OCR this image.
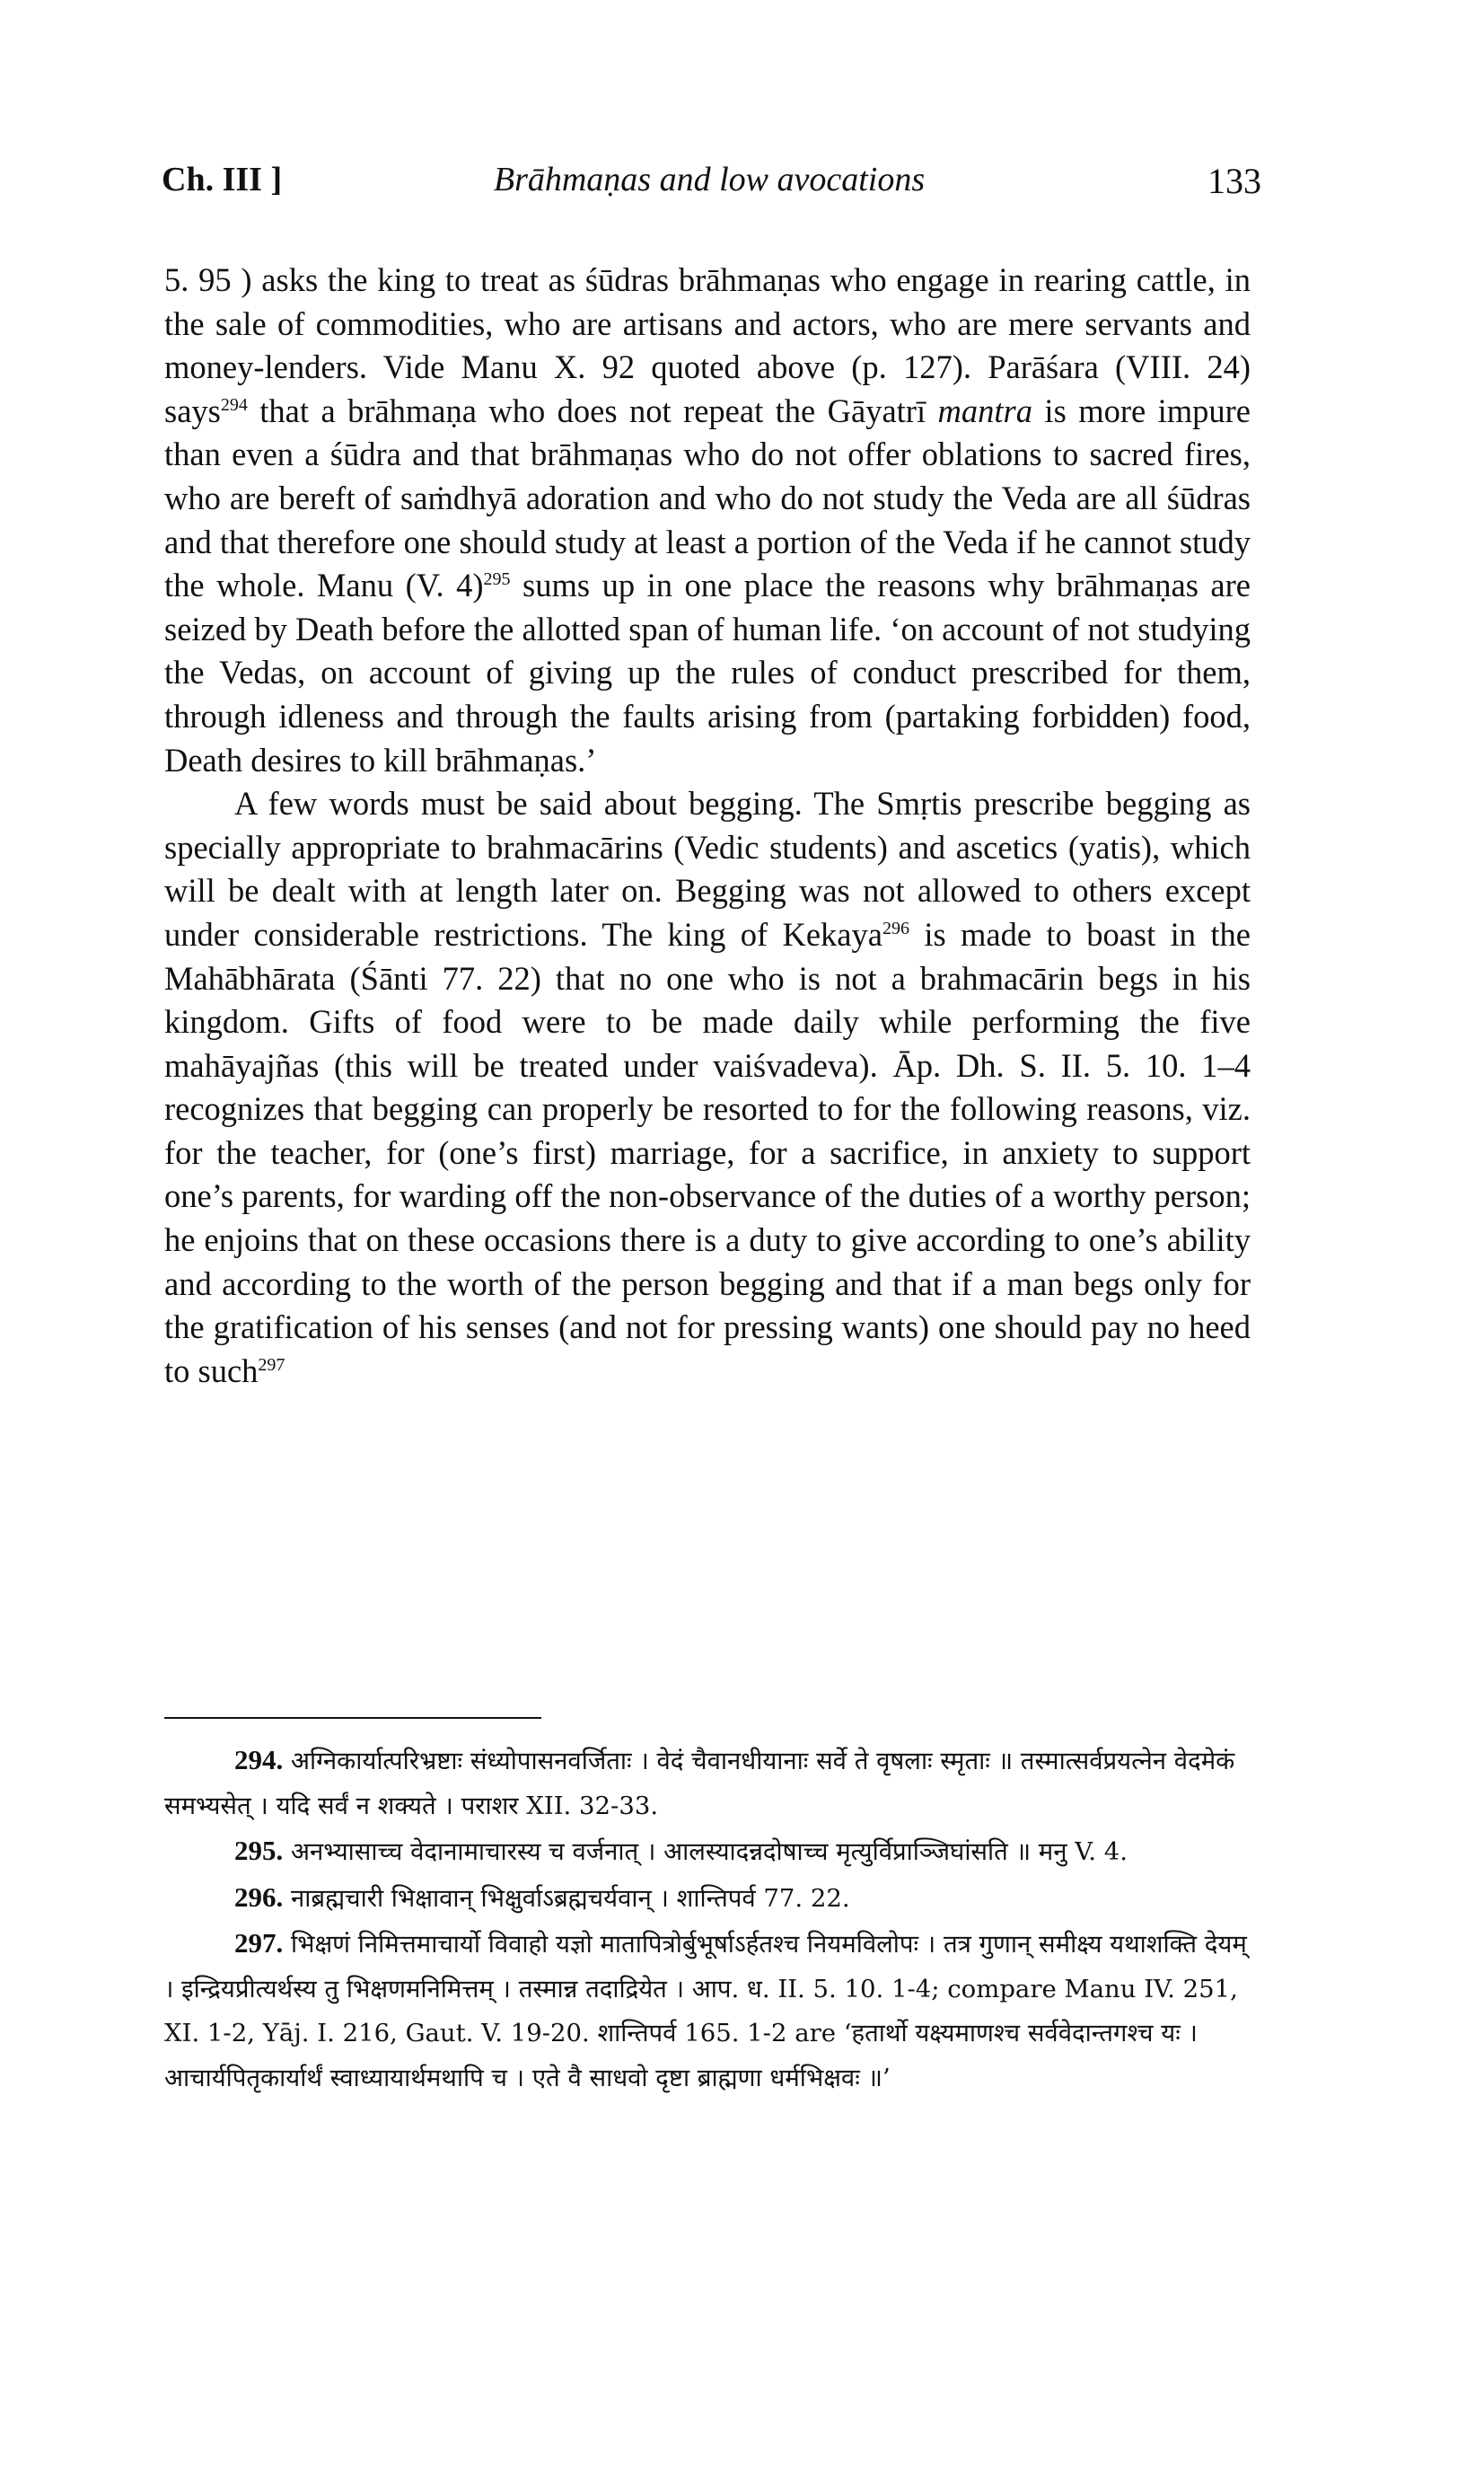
Ch. III ]	Brāhmaṇas and low avocations	133

5. 95 ) asks the king to treat as śūdras brāhmaṇas who engage in rearing cattle, in the sale of commodities, who are artisans and actors, who are mere servants and money-lenders. Vide Manu X. 92 quoted above (p. 127). Parāśara (VIII. 24) says$^{294}$ that a brāhmaṇa who does not repeat the Gāyatrī mantra is more impure than even a śūdra and that brāhmaṇas who do not offer oblations to sacred fires, who are bereft of saṁdhyā adoration and who do not study the Veda are all śūdras and that therefore one should study at least a portion of the Veda if he cannot study the whole. Manu (V. 4)$^{295}$ sums up in one place the reasons why brāhmaṇas are seized by Death before the allotted span of human life. ‘on account of not studying the Vedas, on account of giving up the rules of conduct prescribed for them, through idleness and through the faults arising from (partaking forbidden) food, Death desires to kill brāhmaṇas.’

A few words must be said about begging. The Smṛtis prescribe begging as specially appropriate to brahmacārins (Vedic students) and ascetics (yatis), which will be dealt with at length later on. Begging was not allowed to others except under considerable restrictions. The king of Kekaya$^{296}$ is made to boast in the Mahābhārata (Śānti 77. 22) that no one who is not a brahmacārin begs in his kingdom. Gifts of food were to be made daily while performing the five mahāyajñas (this will be treated under vaiśvadeva). Āp. Dh. S. II. 5. 10. 1–4 recognizes that begging can properly be resorted to for the following reasons, viz. for the teacher, for (one’s first) marriage, for a sacrifice, in anxiety to support one’s parents, for warding off the non-observance of the duties of a worthy person; he enjoins that on these occasions there is a duty to give according to one’s ability and according to the worth of the person begging and that if a man begs only for the gratification of his senses (and not for pressing wants) one should pay no heed to such$^{297}$

294. अग्निकार्यात्परिभ्रष्टाः संध्योपासनवर्जिताः । वेदं चैवानधीयानाः सर्वे ते वृषलाः स्मृताः ॥ तस्मात्सर्वप्रयत्नेन वेदमेकं समभ्यसेत् । यदि सर्वं न शक्यते । पराशर XII. 32-33.

295. अनभ्यासाच्च वेदानामाचारस्य च वर्जनात् । आलस्यादन्नदोषाच्च मृत्युर्विप्राञ्जिघांसति ॥ मनु V. 4.

296. नाब्रह्मचारी भिक्षावान् भिक्षुर्वाऽब्रह्मचर्यवान् । शान्तिपर्व 77. 22.

297. भिक्षणं निमित्तमाचार्यो विवाहो यज्ञो मातापित्रोर्बुभूर्षाऽर्हतश्च नियमविलोपः । तत्र गुणान् समीक्ष्य यथाशक्ति देयम् । इन्द्रियप्रीत्यर्थस्य तु भिक्षणमनिमित्तम् । तस्मान्न तदाद्रियेत । आप. ध. II. 5. 10. 1-4; compare Manu IV. 251, XI. 1-2, Yāj. I. 216, Gaut. V. 19-20. शान्तिपर्व 165. 1-2 are ‘हतार्थो यक्ष्यमाणश्च सर्ववेदान्तगश्च यः । आचार्यपितृकार्यार्थं स्वाध्यायार्थमथापि च । एते वै साधवो दृष्टा ब्राह्मणा धर्मभिक्षवः ॥’
